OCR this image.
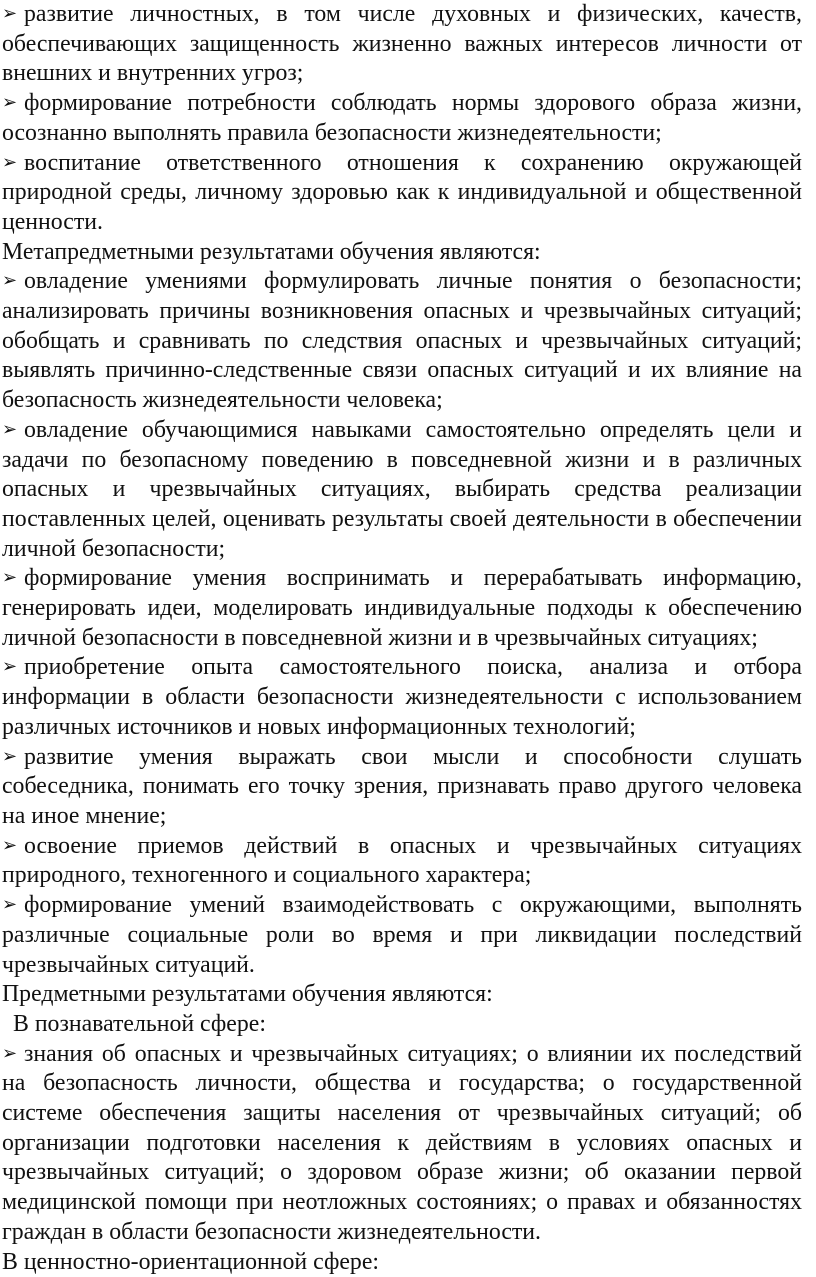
➢ развитие личностных, в том числе духовных и физических, качеств, обеспечивающих защищенность жизненно важных интересов личности от внешних и внутренних угроз;

➢ формирование потребности соблюдать нормы здорового образа жизни, осознанно выполнять правила безопасности жизнедеятельности;

➢ воспитание ответственного отношения к сохранению окружающей природной среды, личному здоровью как к индивидуальной и общественной ценности.

Метапредметными результатами обучения являются:

➢ овладение умениями формулировать личные понятия о безопасности; анализировать причины возникновения опасных и чрезвычайных ситуаций; обобщать и сравнивать по следствия опасных и чрезвычайных ситуаций; выявлять причинно-следственные связи опасных ситуаций и их влияние на безопасность жизнедеятельности человека;

➢ овладение обучающимися навыками самостоятельно определять цели и задачи по безопасному поведению в повседневной жизни и в различных опасных и чрезвычайных ситуациях, выбирать средства реализации поставленных целей, оценивать результаты своей деятельности в обеспечении личной безопасности;

➢ формирование умения воспринимать и перерабатывать информацию, генерировать идеи, моделировать индивидуальные подходы к обеспечению личной безопасности в повседневной жизни и в чрезвычайных ситуациях;

➢ приобретение опыта самостоятельного поиска, анализа и отбора информации в области безопасности жизнедеятельности с использованием различных источников и новых информационных технологий;

➢ развитие умения выражать свои мысли и способности слушать собеседника, понимать его точку зрения, признавать право другого человека на иное мнение;

➢ освоение приемов действий в опасных и чрезвычайных ситуациях природного, техногенного и социального характера;

➢ формирование умений взаимодействовать с окружающими, выполнять различные социальные роли во время и при ликвидации последствий чрезвычайных ситуаций.

Предметными результатами обучения являются:

В познавательной сфере:

➢ знания об опасных и чрезвычайных ситуациях; о влиянии их последствий на безопасность личности, общества и государства; о государственной системе обеспечения защиты населения от чрезвычайных ситуаций; об организации подготовки населения к действиям в условиях опасных и чрезвычайных ситуаций; о здоровом образе жизни; об оказании первой медицинской помощи при неотложных состояниях; о правах и обязанностях граждан в области безопасности жизнедеятельности.

В ценностно-ориентационной сфере:
